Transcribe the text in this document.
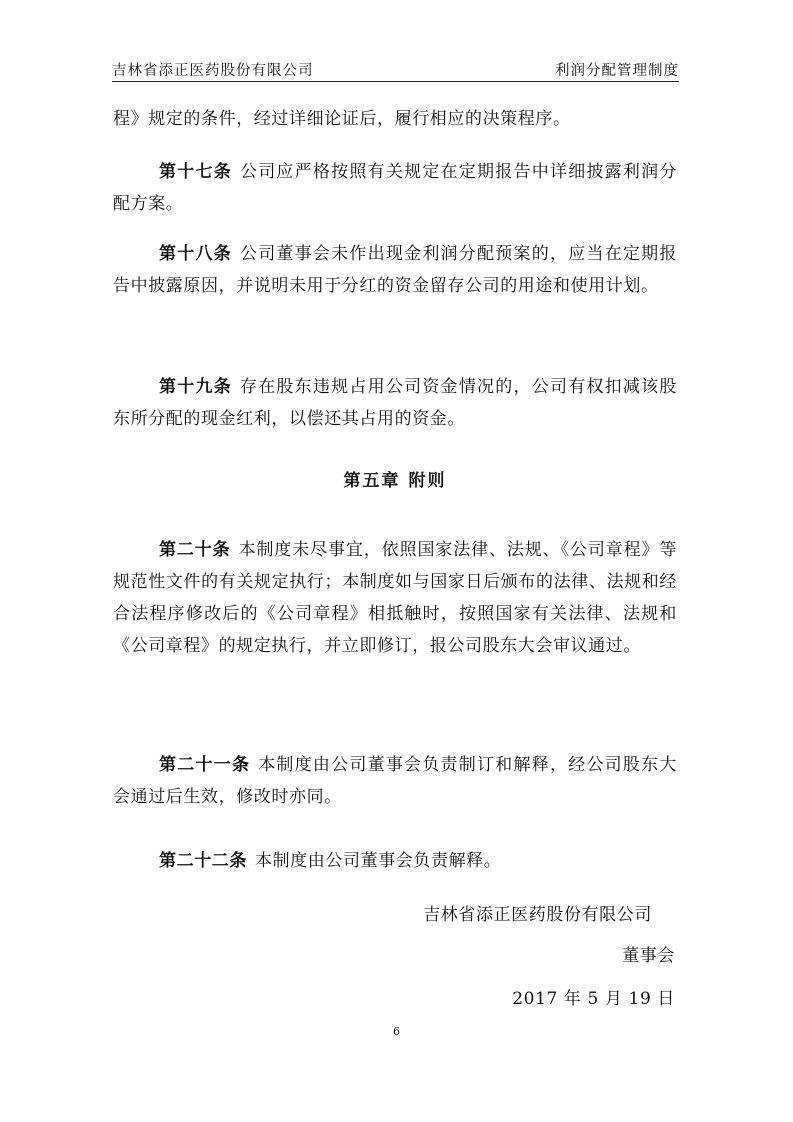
吉林省添正医药股份有限公司	利润分配管理制度

程》规定的条件，经过详细论证后，履行相应的决策程序。

第十七条 公司应严格按照有关规定在定期报告中详细披露利润分配方案。

第十八条 公司董事会未作出现金利润分配预案的，应当在定期报告中披露原因，并说明未用于分红的资金留存公司的用途和使用计划。

第十九条 存在股东违规占用公司资金情况的，公司有权扣减该股东所分配的现金红利，以偿还其占用的资金。

第五章 附则

第二十条 本制度未尽事宜，依照国家法律、法规、《公司章程》等规范性文件的有关规定执行；本制度如与国家日后颁布的法律、法规和经合法程序修改后的《公司章程》相抵触时，按照国家有关法律、法规和《公司章程》的规定执行，并立即修订，报公司股东大会审议通过。

第二十一条 本制度由公司董事会负责制订和解释，经公司股东大会通过后生效，修改时亦同。

第二十二条 本制度由公司董事会负责解释。

吉林省添正医药股份有限公司
董事会
2017 年 5 月 19 日
6
